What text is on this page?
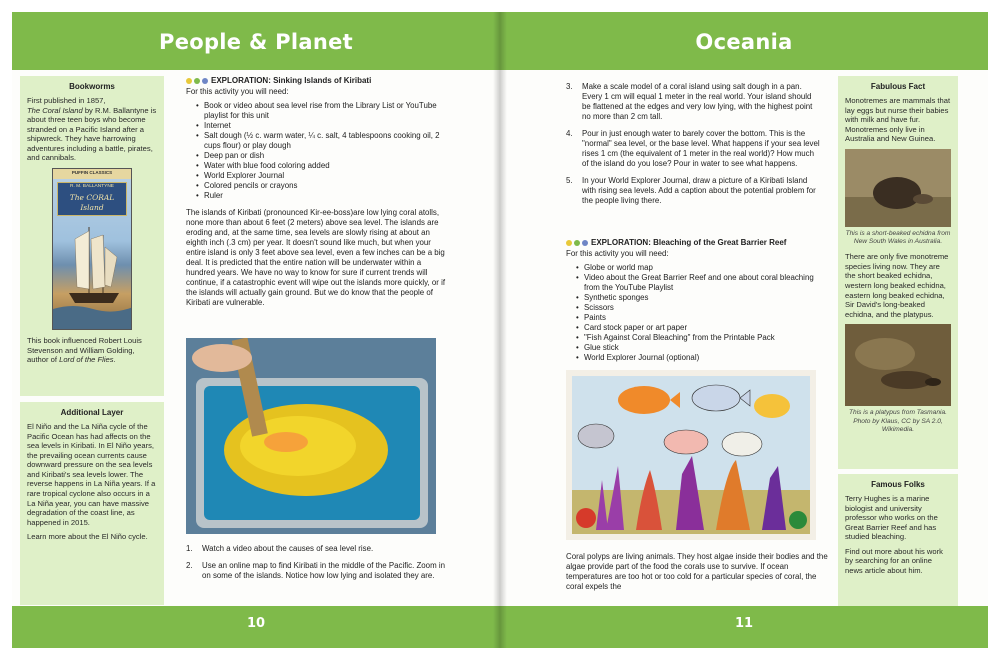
People & Planet
Bookworms

First published in 1857,
The Coral Island by R.M. Ballantyne is about three teen boys who become stranded on a Pacific Island after a shipwreck. They have harrowing adventures including a battle, pirates, and cannibals.

PUFFIN CLASSICS
R. M. BALLANTYNE
The CORAL
Island

This book influenced Robert Louis Stevenson and William Golding, author of Lord of the Flies.

Additional Layer

El Niño and the La Niña cycle of the Pacific Ocean has had affects on the sea levels in Kiribati. In El Niño years, the prevailing ocean currents cause downward pressure on the sea levels and Kiribati's sea levels lower. The reverse happens in La Niña years. If a rare tropical cyclone also occurs in a La Niña year, you can have massive degradation of the coast line, as happened in 2015.

Learn more about the El Niño cycle.

EXPLORATION: Sinking Islands of Kiribati
For this activity you will need:
• Book or video about sea level rise from the Library List or YouTube playlist for this unit
• Internet
• Salt dough (½ c. warm water, ¼ c. salt, 4 tablespoons cooking oil, 2 cups flour) or play dough
• Deep pan or dish
• Water with blue food coloring added
• World Explorer Journal
• Colored pencils or crayons
• Ruler

The islands of Kiribati (pronounced Kir-ee-boss)are low lying coral atolls, none more than about 6 feet (2 meters) above sea level. The islands are eroding and, at the same time, sea levels are slowly rising at about an eighth inch (.3 cm) per year. It doesn't sound like much, but when your entire island is only 3 feet above sea level, even a few inches can be a big deal. It is predicted that the entire nation will be underwater within a hundred years. We have no way to know for sure if current trends will continue, if a catastrophic event will wipe out the islands more quickly, or if the islands will actually gain ground. But we do know that the people of Kiribati are vulnerable.

1. Watch a video about the causes of sea level rise.
2. Use an online map to find Kiribati in the middle of the Pacific. Zoom in on some of the islands. Notice how low lying and isolated they are.
10
Oceania
3. Make a scale model of a coral island using salt dough in a pan. Every 1 cm will equal 1 meter in the real world. Your island should be flattened at the edges and very low lying, with the highest point no more than 2 cm tall.
4. Pour in just enough water to barely cover the bottom. This is the "normal" sea level, or the base level. What happens if your sea level rises 1 cm (the equivalent of 1 meter in the real world)? How much of the island do you lose? Pour in water to see what happens.
5. In your World Explorer Journal, draw a picture of a Kiribati Island with rising sea levels. Add a caption about the potential problem for the people living there.
EXPLORATION: Bleaching of the Great Barrier Reef
For this activity you will need:
• Globe or world map
• Video about the Great Barrier Reef and one about coral bleaching from the YouTube Playlist
• Synthetic sponges
• Scissors
• Paints
• Card stock paper or art paper
• "Fish Against Coral Bleaching" from the Printable Pack
• Glue stick
• World Explorer Journal (optional)

Coral polyps are living animals. They host algae inside their bodies and the algae provide part of the food the corals use to survive. If ocean temperatures are too hot or too cold for a particular species of coral, the coral expels the

Fabulous Fact

Monotremes are mammals that lay eggs but nurse their babies with milk and have fur. Monotremes only live in Australia and New Guinea.

This is a short-beaked echidna from New South Wales in Australia.

There are only five monotreme species living now. They are the short beaked echidna, western long beaked echidna, eastern long beaked echidna, Sir David's long-beaked echidna, and the platypus.

This is a platypus from Tasmania. Photo by Klaus, CC by SA 2.0, Wikimedia.
Famous Folks

Terry Hughes is a marine biologist and university professor who works on the Great Barrier Reef and has studied bleaching.

Find out more about his work by searching for an online news article about him.

11
